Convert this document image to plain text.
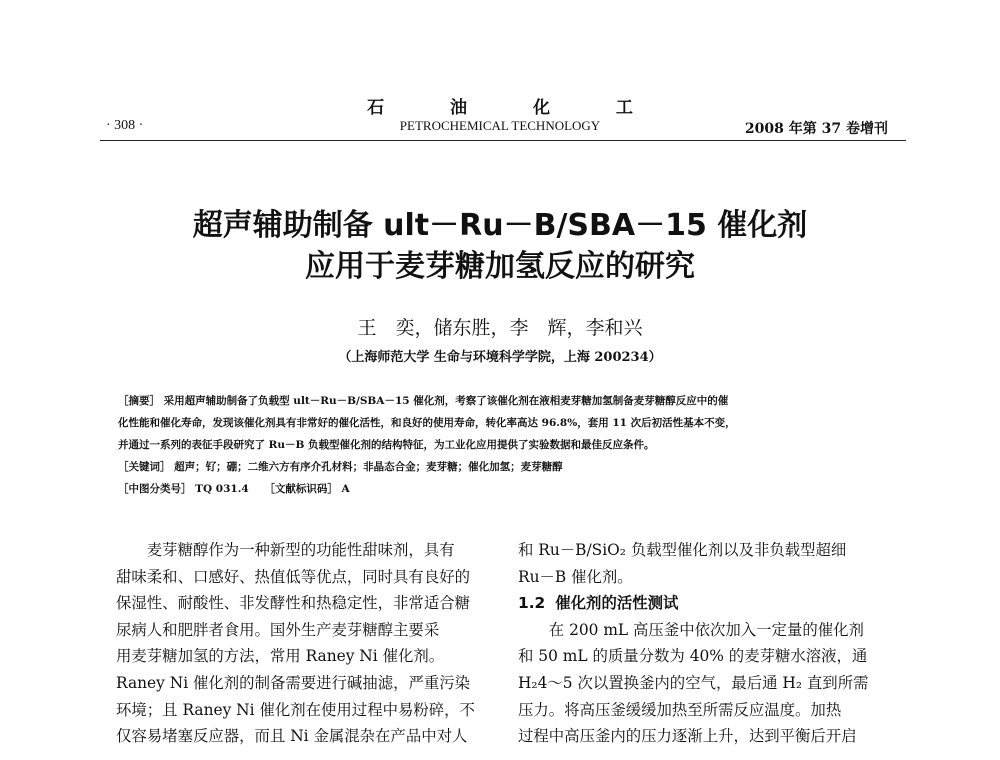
石 油 化 工
· 308 ·	PETROCHEMICAL TECHNOLOGY	2008 年第 37 卷增刊
超声辅助制备 ult－Ru－B/SBA－15 催化剂
应用于麦芽糖加氢反应的研究
王　奕，储东胜，李　辉，李和兴
（上海师范大学 生命与环境科学学院，上海 200234）

［摘要］ 采用超声辅助制备了负载型 ult－Ru－B/SBA－15 催化剂，考察了该催化剂在液相麦芽糖加氢制备麦芽糖醇反应中的催

化性能和催化寿命，发现该催化剂具有非常好的催化活性，和良好的使用寿命，转化率高达 96.8%，套用 11 次后初活性基本不变，

并通过一系列的表征手段研究了 Ru－B 负载型催化剂的结构特征，为工业化应用提供了实验数据和最佳反应条件。

［关键词］ 超声；钌；硼；二维六方有序介孔材料；非晶态合金；麦芽糖；催化加氢；麦芽糖醇

［中图分类号］ TQ 031.4　　［文献标识码］ A

　　麦芽糖醇作为一种新型的功能性甜味剂，具有

甜味柔和、口感好、热值低等优点，同时具有良好的

保湿性、耐酸性、非发酵性和热稳定性，非常适合糖

尿病人和肥胖者食用。国外生产麦芽糖醇主要采

用麦芽糖加氢的方法，常用 Raney Ni 催化剂。

Raney Ni 催化剂的制备需要进行碱抽滤，严重污染

环境；且 Raney Ni 催化剂在使用过程中易粉碎，不

仅容易堵塞反应器，而且 Ni 金属混杂在产品中对人

和 Ru－B/SiO₂ 负载型催化剂以及非负载型超细

Ru－B 催化剂。

1.2 催化剂的活性测试

　　在 200 mL 高压釜中依次加入一定量的催化剂

和 50 mL 的质量分数为 40% 的麦芽糖水溶液，通

H₂4～5 次以置换釜内的空气，最后通 H₂ 直到所需

压力。将高压釜缓缓加热至所需反应温度。加热

过程中高压釜内的压力逐渐上升，达到平衡后开启
